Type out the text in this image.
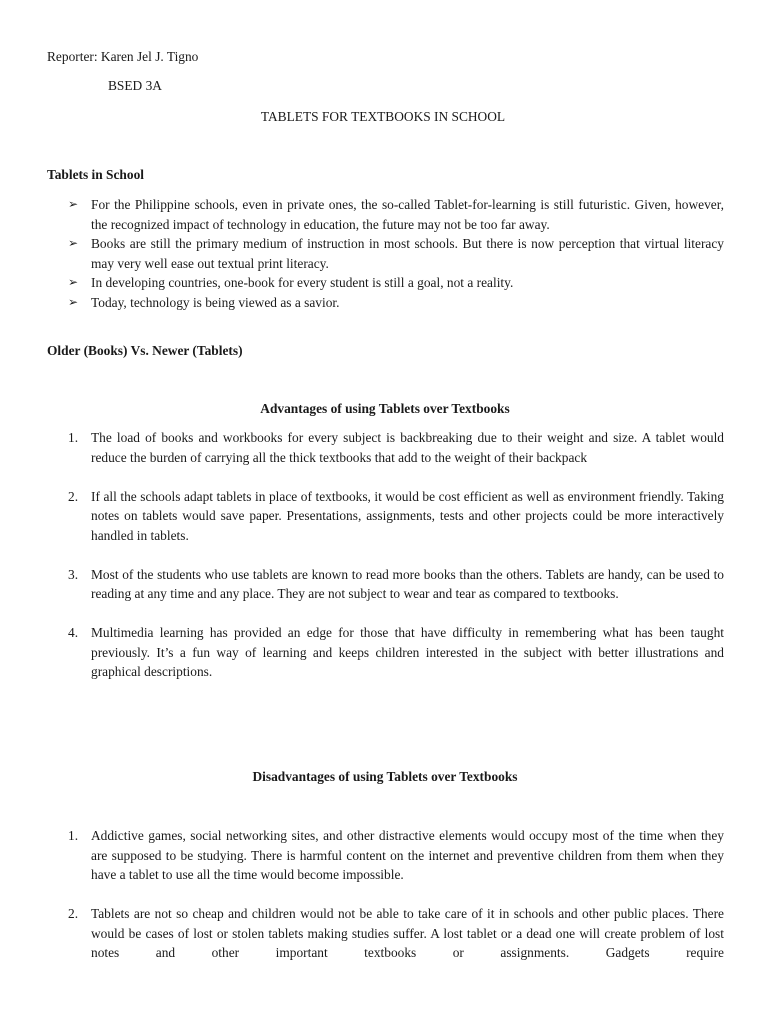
Reporter: Karen Jel J. Tigno
BSED 3A
TABLETS FOR TEXTBOOKS IN SCHOOL
Tablets in School
➢ For the Philippine schools, even in private ones, the so-called Tablet-for-learning is still futuristic. Given, however, the recognized impact of technology in education, the future may not be too far away.
➢ Books are still the primary medium of instruction in most schools. But there is now perception that virtual literacy may very well ease out textual print literacy.
➢ In developing countries, one-book for every student is still a goal, not a reality.
➢ Today, technology is being viewed as a savior.
Older (Books) Vs. Newer (Tablets)
Advantages of using Tablets over Textbooks
1. The load of books and workbooks for every subject is backbreaking due to their weight and size. A tablet would reduce the burden of carrying all the thick textbooks that add to the weight of their backpack
2. If all the schools adapt tablets in place of textbooks, it would be cost efficient as well as environment friendly. Taking notes on tablets would save paper. Presentations, assignments, tests and other projects could be more interactively handled in tablets.
3. Most of the students who use tablets are known to read more books than the others. Tablets are handy, can be used to reading at any time and any place. They are not subject to wear and tear as compared to textbooks.
4. Multimedia learning has provided an edge for those that have difficulty in remembering what has been taught previously. It’s a fun way of learning and keeps children interested in the subject with better illustrations and graphical descriptions.
Disadvantages of using Tablets over Textbooks
1. Addictive games, social networking sites, and other distractive elements would occupy most of the time when they are supposed to be studying. There is harmful content on the internet and preventive children from them when they have a tablet to use all the time would become impossible.
2. Tablets are not so cheap and children would not be able to take care of it in schools and other public places. There would be cases of lost or stolen tablets making studies suffer. A lost tablet or a dead one will create problem of lost notes and other important textbooks or assignments. Gadgets require
